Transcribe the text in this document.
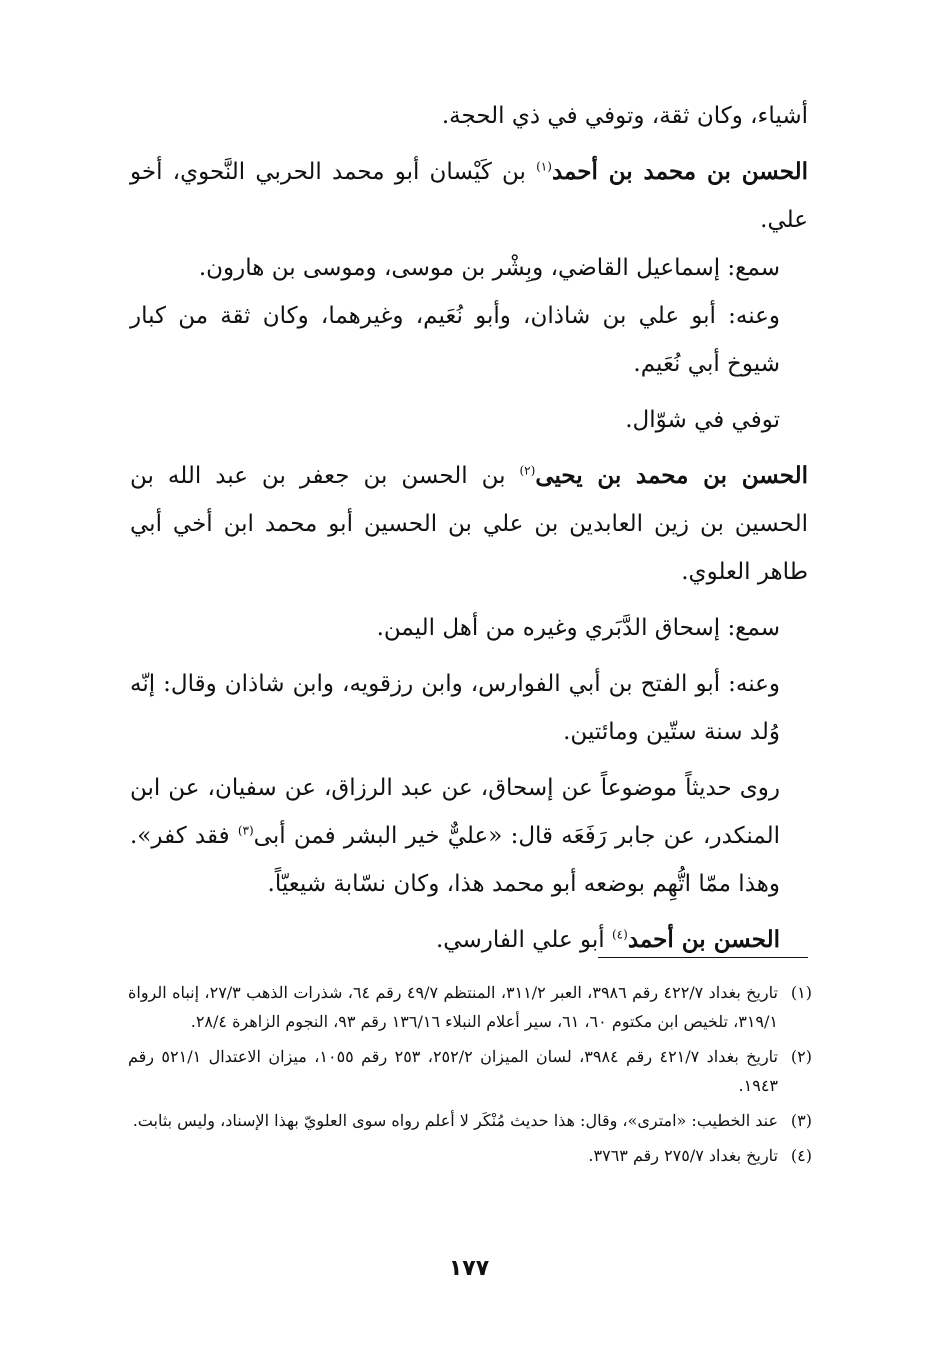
أشياء، وكان ثقة، وتوفي في ذي الحجة.

الحسن بن محمد بن أحمد$^{(١)}$ بن كَيْسان أبو محمد الحربي النَّحوي، أخو علي.

سمع: إسماعيل القاضي، وبِشْر بن موسى، وموسى بن هارون.

وعنه: أبو علي بن شاذان، وأبو نُعَيم، وغيرهما، وكان ثقة من كبار شيوخ أبي نُعَيم.

توفي في شوّال.

الحسن بن محمد بن يحيى$^{(٢)}$ بن الحسن بن جعفر بن عبد الله بن الحسين بن زين العابدين بن علي بن الحسين أبو محمد ابن أخي أبي طاهر العلوي.

سمع: إسحاق الدَّبَري وغيره من أهل اليمن.

وعنه: أبو الفتح بن أبي الفوارس، وابن رزقويه، وابن شاذان وقال: إنّه وُلد سنة ستّين ومائتين.

روى حديثاً موضوعاً عن إسحاق، عن عبد الرزاق، عن سفيان، عن ابن المنكدر، عن جابر رَفَعَه قال: «عليٌّ خير البشر فمن أبى$^{(٣)}$ فقد كفر». وهذا ممّا اتُّهِم بوضعه أبو محمد هذا، وكان نسّابة شيعيّاً.

الحسن بن أحمد$^{(٤)}$ أبو علي الفارسي.

(١)
تاريخ بغداد ٤٢٢/٧ رقم ٣٩٨٦، العبر ٣١١/٢، المنتظم ٤٩/٧ رقم ٦٤، شذرات الذهب ٢٧/٣، إنباه الرواة ٣١٩/١، تلخيص ابن مكتوم ٦٠، ٦١، سير أعلام النبلاء ١٣٦/١٦ رقم ٩٣، النجوم الزاهرة ٢٨/٤.
(٢)
تاريخ بغداد ٤٢١/٧ رقم ٣٩٨٤، لسان الميزان ٢٥٢/٢، ٢٥٣ رقم ١٠٥٥، ميزان الاعتدال ٥٢١/١ رقم ١٩٤٣.
(٣)
عند الخطيب: «امترى»، وقال: هذا حديث مُنْكَر لا أعلم رواه سوى العلويّ بهذا الإسناد، وليس بثابت.
(٤)
تاريخ بغداد ٢٧٥/٧ رقم ٣٧٦٣.
١٧٧
